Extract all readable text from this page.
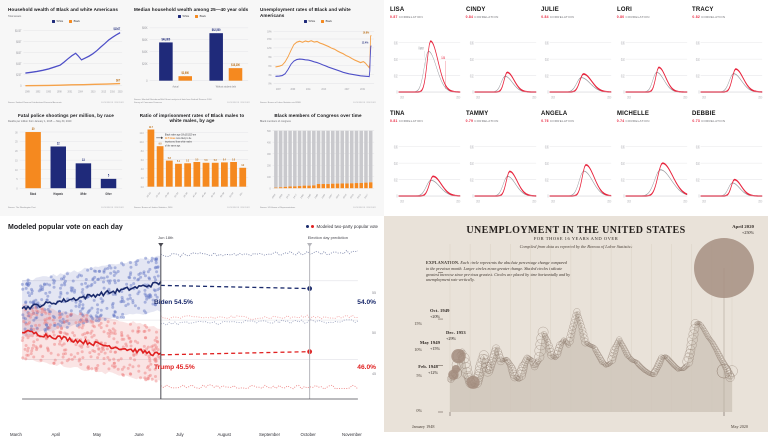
Household wealth of Black and white Americans
Total assets
White	Black
$100T
$80T
$60T
$40T
$20T
0
$104T
$6T
1989	1992	1995	1998	2001	2004	2010	2013 2016 2020
Source: Federal Reserve Distributional Financial Accounts	BUSINESS INSIDER
Median household wealth among 25—40 year olds
White	Black
$80K
$60K
$40K
$20K
0
$46,800
$2,900
$62,500
$16,200
Actual	Without student debt
Source: Marshall Steinbaum/Wall Street analysis of data from Federal Reserve 2016 Survey of Consumer Finances	BUSINESS INSIDER
Unemployment rates of Black and white Americans
White	Black
18%
15%
12%
9%
6%
3%
0%
16.8%
12.4%
2007	2009	2011	2013	2017	2019
Source: Bureau of Labor Statistics via FRED	BUSINESS INSIDER
Fatal police shootings per million, by race
Deaths per million from January 1, 2015 — May 30, 2020
30
25
20
15
10
5
0
30
22
13
5
Black	Hispanic	White	Other
Source: The Washington Post	BUSINESS INSIDER
Ratio of imprisonment rates of Black males to white males, by age
12.0
10.0
8.0
6.0
4.0
2.0
0.0
12.7
9.0
5.8
5.1	5.2	5.5	5.3	5.3	5.4	5.5
4.2
Black males age 18\u201319 are
12.7 times more likely to be
imprisoned than white males
of the same age.
18-19 20-24 25-29 30-34 35-39 40-44 45-49 50-54 55-59 60-64	65+
Source: Bureau of Justice Statistics, 2016	BUSINESS INSIDER
Black members of Congress over time
Black members of congress
500
400
300
200
100
0
1965 1969 1973 1977 1981 1985 1989 1993 1997 2001 2005 2009 2013 2017
Source: US House of Representatives	BUSINESS INSIDER
LISA
0.87 CORRELATION
0.06
0.04
0.02
0
1910	2010
Karen
Lisa
CINDY
0.84 CORRELATION
0.06
0.04
0.02
0
1910	2010
JULIE
0.84 CORRELATION
0.06
0.04
0.02
0
1910	2010
LORI
0.80 CORRELATION
0.06
0.04
0.02
0
1910	2010
TRACY
0.82 CORRELATION
0.06
0.04
0.02
0
1910	2010
TINA
0.81 CORRELATION
0.06
0.04
0.02
0
1910	2010
TAMMY
0.79 CORRELATION
0.06
0.04
0.02
0
1910	2010
ANGELA
0.76 CORRELATION
0.06
0.04
0.02
0
1910	2010
MICHELLE
0.74 CORRELATION
0.06
0.04
0.02
0
1910	2010
DEBBIE
0.73 CORRELATION
0.06
0.04
0.02
0
1910	2010
Modeled popular vote on each day	Modeled two-party popular vote
Jun 18th	Election day prediction
55
50
45
Biden 54.5%
Trump 45.5%
54.0%
46.0%
March	April	May	June	July	August	September	October	November
UNEMPLOYMENT IN THE UNITED STATES
FOR THOSE 16 YEARS AND OVER
Compiled from data as reported by the Bureau of Labor Statistics
EXPLANATION. Each circle represents the absolute percentage change compared to the previous month. Larger circles mean greater change. Shaded circles indicate greatest increase since previous greatest. Circles are placed by time horizontally and by unemployment rate vertically.
15%
10%
5%
0%
January 1948	May 2020
April 2020
+250%
Oct. 1949
+20%
Dec. 1953
+29%
May 1949
+15%
Feb. 1948
+12%
